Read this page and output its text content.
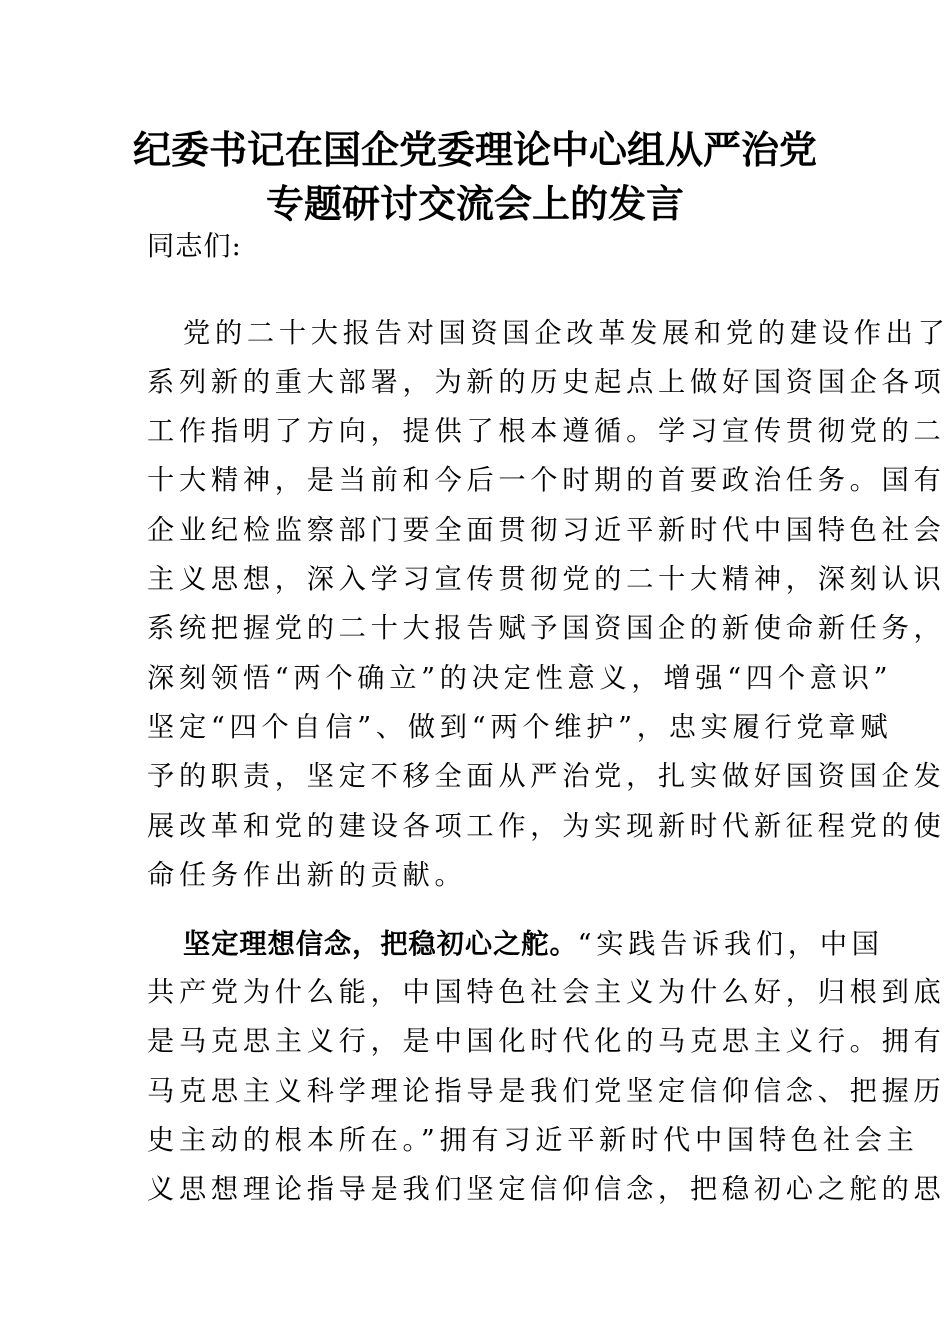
纪委书记在国企党委理论中心组从严治党
专题研讨交流会上的发言
同志们:
党的二十大报告对国资国企改革发展和党的建设作出了
系列新的重大部署，为新的历史起点上做好国资国企各项
工作指明了方向，提供了根本遵循。学习宣传贯彻党的二
十大精神，是当前和今后一个时期的首要政治任务。国有
企业纪检监察部门要全面贯彻习近平新时代中国特色社会
主义思想，深入学习宣传贯彻党的二十大精神，深刻认识
系统把握党的二十大报告赋予国资国企的新使命新任务，
深刻领悟“两个确立”的决定性意义，增强“四个意识”
坚定“四个自信”、做到“两个维护”，忠实履行党章赋
予的职责，坚定不移全面从严治党，扎实做好国资国企发
展改革和党的建设各项工作，为实现新时代新征程党的使
命任务作出新的贡献。
坚定理想信念，把稳初心之舵。“实践告诉我们，中国
共产党为什么能，中国特色社会主义为什么好，归根到底
是马克思主义行，是中国化时代化的马克思主义行。拥有
马克思主义科学理论指导是我们党坚定信仰信念、把握历
史主动的根本所在。”拥有习近平新时代中国特色社会主
义思想理论指导是我们坚定信仰信念，把稳初心之舵的思
